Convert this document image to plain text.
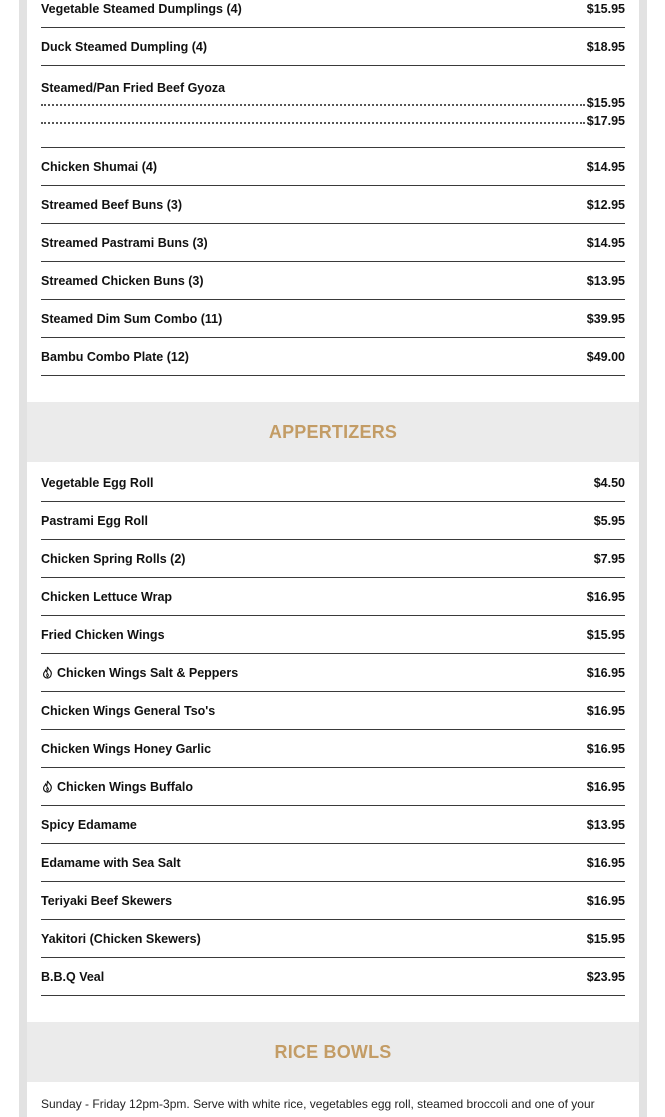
Vegetable Steamed Dumplings (4)	$15.95
Duck Steamed Dumpling (4)	$18.95
Steamed/Pan Fried Beef Gyoza
$15.95
$17.95
Chicken Shumai (4)	$14.95
Streamed Beef Buns (3)	$12.95
Streamed Pastrami Buns (3)	$14.95
Streamed Chicken Buns (3)	$13.95
Steamed Dim Sum Combo (11)	$39.95
Bambu Combo Plate (12)	$49.00
APPERTIZERS
Vegetable Egg Roll	$4.50
Pastrami Egg Roll	$5.95
Chicken Spring Rolls (2)	$7.95
Chicken Lettuce Wrap	$16.95
Fried Chicken Wings	$15.95
Chicken Wings Salt & Peppers	$16.95
Chicken Wings General Tso's	$16.95
Chicken Wings Honey Garlic	$16.95
Chicken Wings Buffalo	$16.95
Spicy Edamame	$13.95
Edamame with Sea Salt	$16.95
Teriyaki Beef Skewers	$16.95
Yakitori (Chicken Skewers)	$15.95
B.B.Q Veal	$23.95
RICE BOWLS
Sunday - Friday 12pm-3pm. Serve with white rice, vegetables egg roll, steamed broccoli and one of your
